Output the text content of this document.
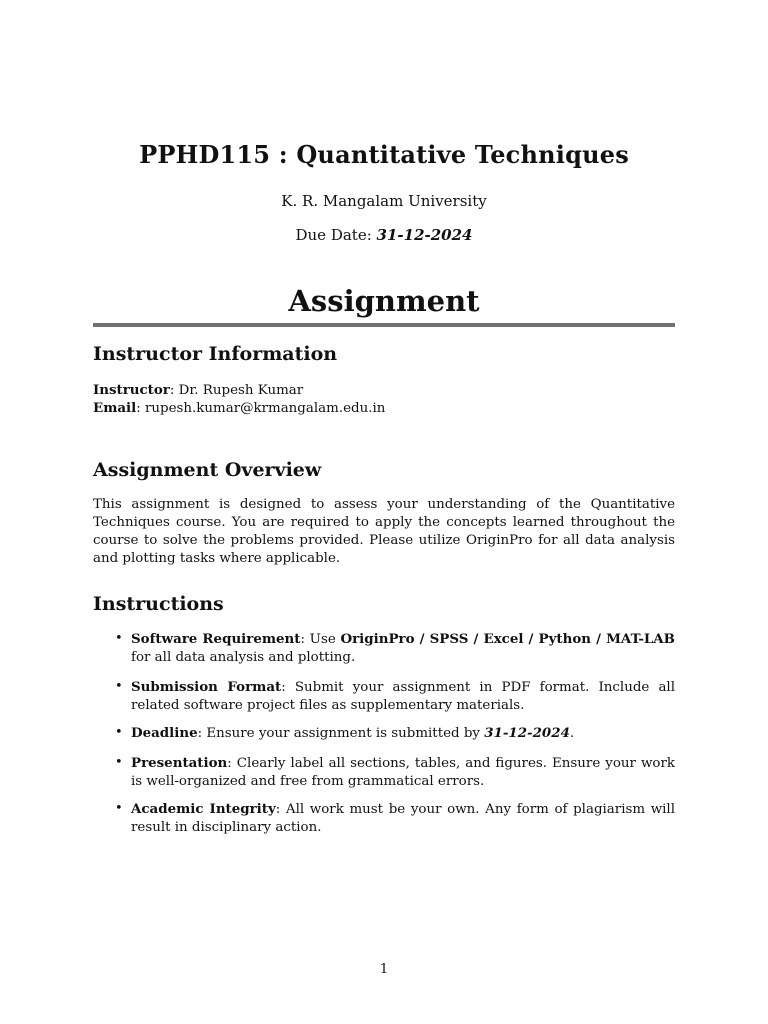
PPHD115 : Quantitative Techniques
K. R. Mangalam University
Due Date: 31-12-2024
Assignment
Instructor Information
Instructor: Dr. Rupesh Kumar
Email: rupesh.kumar@krmangalam.edu.in
Assignment Overview
This assignment is designed to assess your understanding of the Quantitative Techniques course. You are required to apply the concepts learned throughout the course to solve the problems provided. Please utilize OriginPro for all data analysis and plotting tasks where applicable.
Instructions
• Software Requirement: Use OriginPro / SPSS / Excel / Python / MAT-LAB for all data analysis and plotting.
• Submission Format: Submit your assignment in PDF format. Include all related software project files as supplementary materials.
• Deadline: Ensure your assignment is submitted by 31-12-2024.
• Presentation: Clearly label all sections, tables, and figures. Ensure your work is well-organized and free from grammatical errors.
• Academic Integrity: All work must be your own. Any form of plagiarism will result in disciplinary action.
1
